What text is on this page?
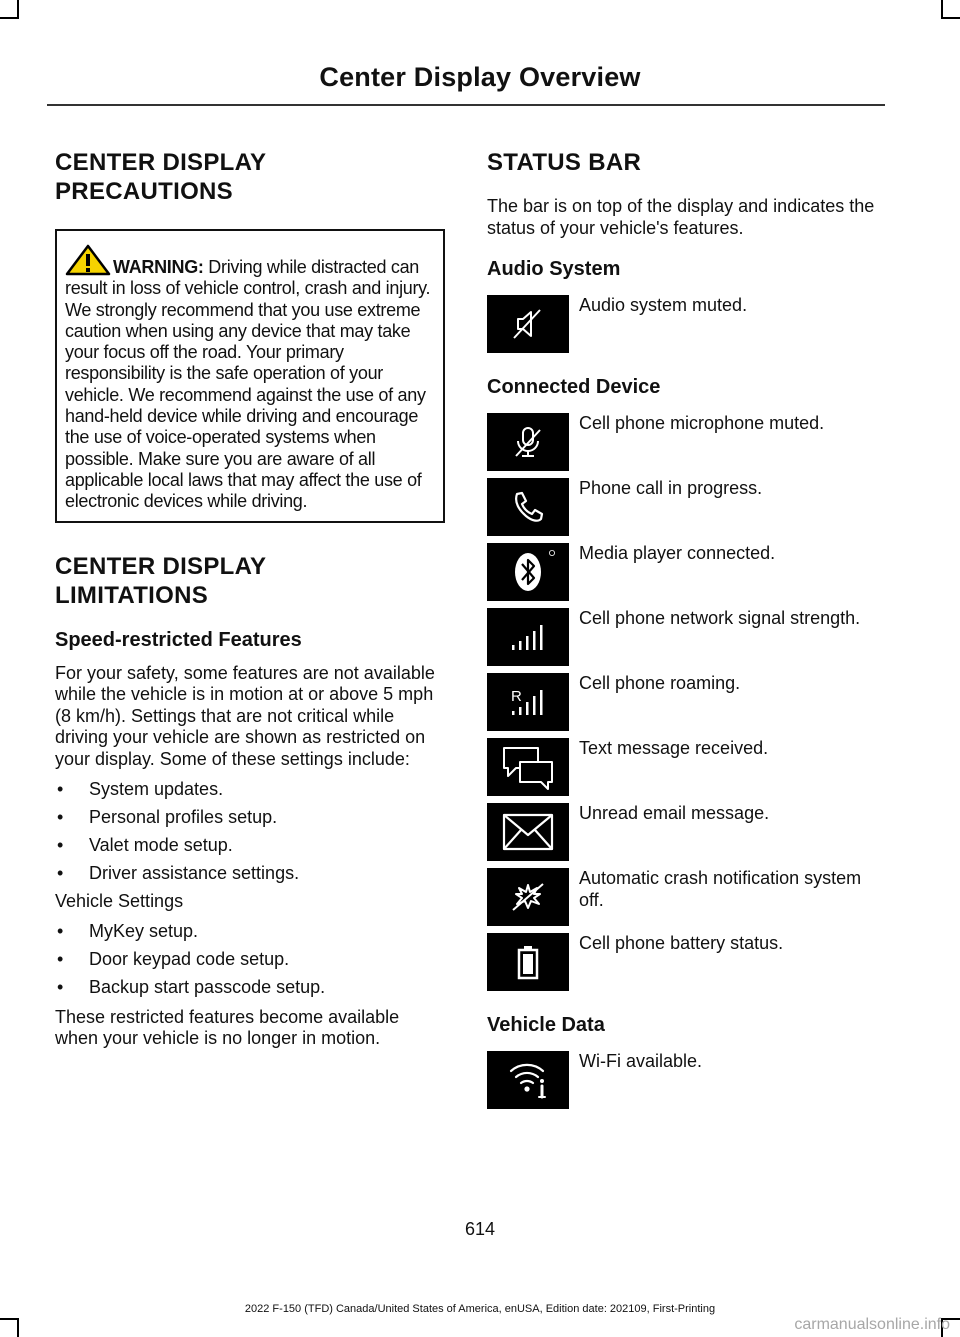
Center Display Overview
CENTER DISPLAY
PRECAUTIONS
WARNING: Driving while distracted can result in loss of vehicle control, crash and injury. We strongly recommend that you use extreme caution when using any device that may take your focus off the road. Your primary responsibility is the safe operation of your vehicle. We recommend against the use of any hand-held device while driving and encourage the use of voice-operated systems when possible. Make sure you are aware of all applicable local laws that may affect the use of electronic devices while driving.
CENTER DISPLAY
LIMITATIONS
Speed-restricted Features

For your safety, some features are not available while the vehicle is in motion at or above 5 mph (8 km/h). Settings that are not critical while driving your vehicle are shown as restricted on your display. Some of these settings include:

• System updates.
• Personal profiles setup.
• Valet mode setup.
• Driver assistance settings.

Vehicle Settings

• MyKey setup.
• Door keypad code setup.
• Backup start passcode setup.

These restricted features become available when your vehicle is no longer in motion.

STATUS BAR

The bar is on top of the display and indicates the status of your vehicle's features.

Audio System
Audio system muted.
Connected Device
Cell phone microphone muted.
Phone call in progress.
Media player connected.
Cell phone network signal strength.
R
Cell phone roaming.
Text message received.
Unread email message.
Automatic crash notification system off.
Cell phone battery status.
Vehicle Data
Wi-Fi available.
614
2022 F-150 (TFD) Canada/United States of America, enUSA, Edition date: 202109, First-Printing
carmanualsonline.info
